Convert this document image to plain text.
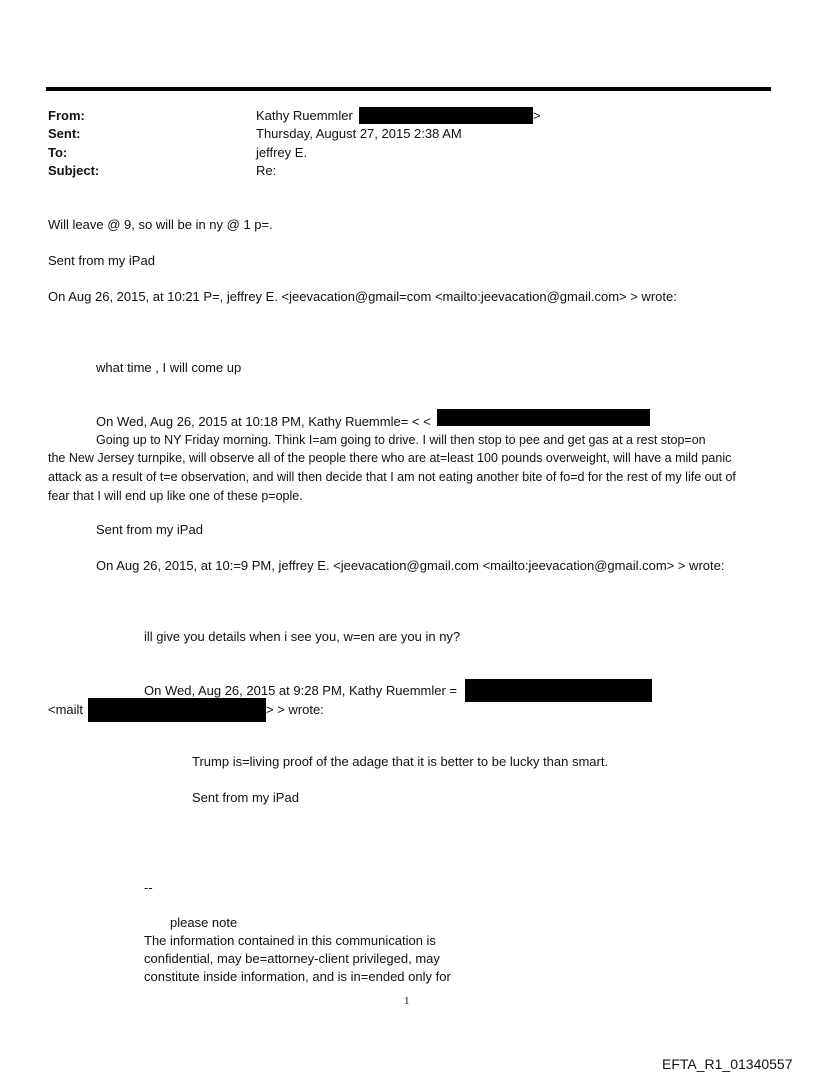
From:	Kathy Ruemmler	>
Sent:	Thursday, August 27, 2015 2:38 AM
To:	jeffrey E.
Subject:	Re:
Will leave @ 9, so will be in ny @ 1 p=.
Sent from my iPad
On Aug 26, 2015, at 10:21 P=, jeffrey E. <jeevacation@gmail=com <mailto:jeevacation@gmail.com> > wrote:
what time , I will come up
On Wed, Aug 26, 2015 at 10:18 PM, Kathy Ruemmle= < <
Going up to NY Friday morning. Think I=am going to drive. I will then stop to pee and get gas at a rest stop=on
the New Jersey turnpike, will observe all of the people there who are at=least 100 pounds overweight, will have a mild panic attack as a result of t=e observation, and will then decide that I am not eating another bite of fo=d for the rest of my life out of fear that I will end up like one of these p=ople.
Sent from my iPad
On Aug 26, 2015, at 10:=9 PM, jeffrey E. <jeevacation@gmail.com <mailto:jeevacation@gmail.com> > wrote:
ill give you details when i see you, w=en are you in ny?
On Wed, Aug 26, 2015 at 9:28 PM, Kathy Ruemmler =
<mailt	> > wrote:
Trump is=living proof of the adage that it is better to be lucky than smart.
Sent from my iPad
--
please note
The information contained in this communication is
confidential, may be=attorney-client privileged, may
constitute inside information, and is in=ended only for
1
EFTA_R1_01340557
